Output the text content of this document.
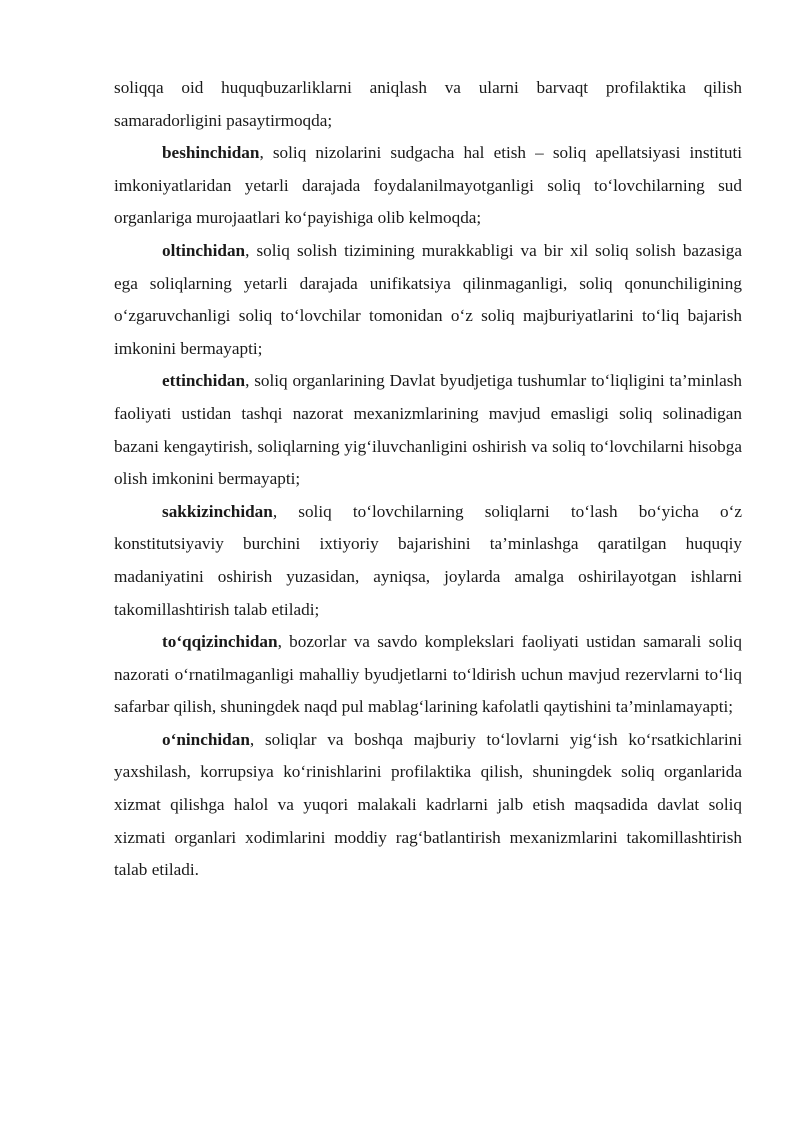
soliqqa oid huquqbuzarliklarni aniqlash va ularni barvaqt profilaktika qilish samaradorligini pasaytirmoqda;

beshinchidan, soliq nizolarini sudgacha hal etish – soliq apellatsiyasi instituti imkoniyatlaridan yetarli darajada foydalanilmayotganligi soliq to‘lovchilarning sud organlariga murojaatlari ko‘payishiga olib kelmoqda;

oltinchidan, soliq solish tizimining murakkabligi va bir xil soliq solish bazasiga ega soliqlarning yetarli darajada unifikatsiya qilinmaganligi, soliq qonunchiligining o‘zgaruvchanligi soliq to‘lovchilar tomonidan o‘z soliq majburiyatlarini to‘liq bajarish imkonini bermayapti;

ettinchidan, soliq organlarining Davlat byudjetiga tushumlar to‘liqligini ta’minlash faoliyati ustidan tashqi nazorat mexanizmlarining mavjud emasligi soliq solinadigan bazani kengaytirish, soliqlarning yig‘iluvchanligini oshirish va soliq to‘lovchilarni hisobga olish imkonini bermayapti;

sakkizinchidan, soliq to‘lovchilarning soliqlarni to‘lash bo‘yicha o‘z konstitutsiyaviy burchini ixtiyoriy bajarishini ta’minlashga qaratilgan huquqiy madaniyatini oshirish yuzasidan, ayniqsa, joylarda amalga oshirilayotgan ishlarni takomillashtirish talab etiladi;

to‘qqizinchidan, bozorlar va savdo komplekslari faoliyati ustidan samarali soliq nazorati o‘rnatilmaganligi mahalliy byudjetlarni to‘ldirish uchun mavjud rezervlarni to‘liq safarbar qilish, shuningdek naqd pul mablag‘larining kafolatli qaytishini ta’minlamayapti;

o‘ninchidan, soliqlar va boshqa majburiy to‘lovlarni yig‘ish ko‘rsatkichlarini yaxshilash, korrupsiya ko‘rinishlarini profilaktika qilish, shuningdek soliq organlarida xizmat qilishga halol va yuqori malakali kadrlarni jalb etish maqsadida davlat soliq xizmati organlari xodimlarini moddiy rag‘batlantirish mexanizmlarini takomillashtirish talab etiladi.
